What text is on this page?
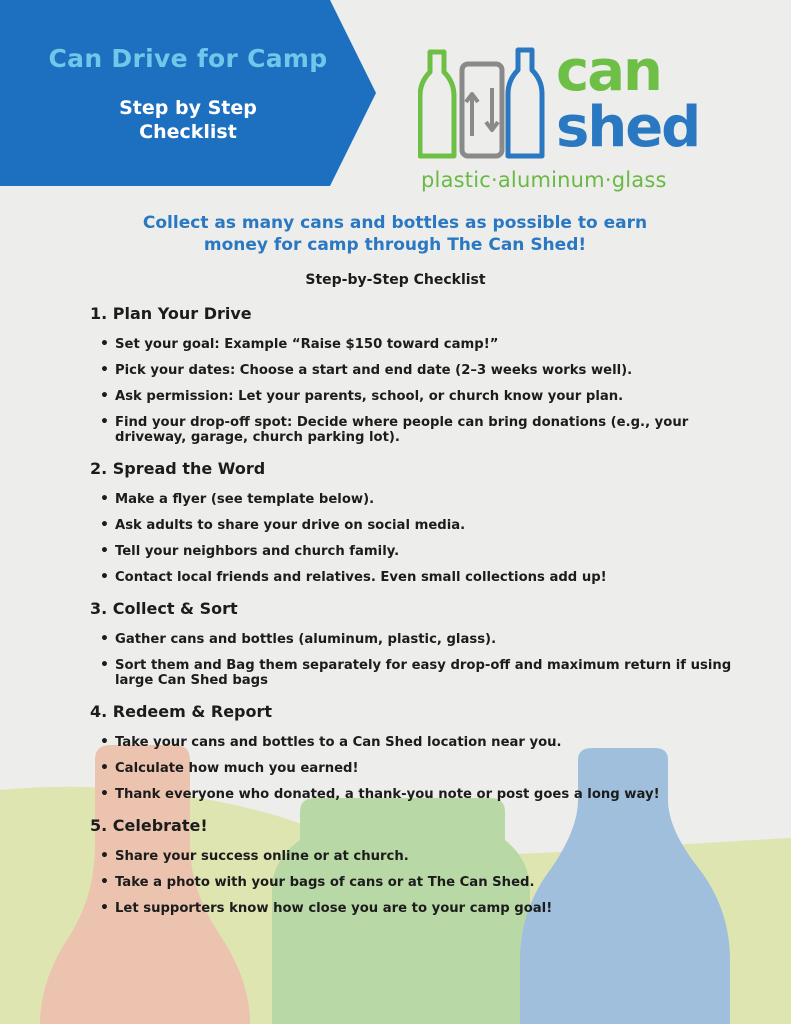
Can Drive for Camp
Step by Step
Checklist
can
shed
plastic·aluminum·glass
Collect as many cans and bottles as possible to earn money for camp through The Can Shed!
Step-by-Step Checklist
1. Plan Your Drive
• Set your goal: Example “Raise $150 toward camp!”
• Pick your dates: Choose a start and end date (2–3 weeks works well).
• Ask permission: Let your parents, school, or church know your plan.
• Find your drop-off spot: Decide where people can bring donations (e.g., your driveway, garage, church parking lot).
2. Spread the Word
• Make a flyer (see template below).
• Ask adults to share your drive on social media.
• Tell your neighbors and church family.
• Contact local friends and relatives. Even small collections add up!
3. Collect & Sort
• Gather cans and bottles (aluminum, plastic, glass).
• Sort them and Bag them separately for easy drop-off and maximum return if using large Can Shed bags
4. Redeem & Report
• Take your cans and bottles to a Can Shed location near you.
• Calculate how much you earned!
• Thank everyone who donated, a thank-you note or post goes a long way!
5. Celebrate!
• Share your success online or at church.
• Take a photo with your bags of cans or at The Can Shed.
• Let supporters know how close you are to your camp goal!
